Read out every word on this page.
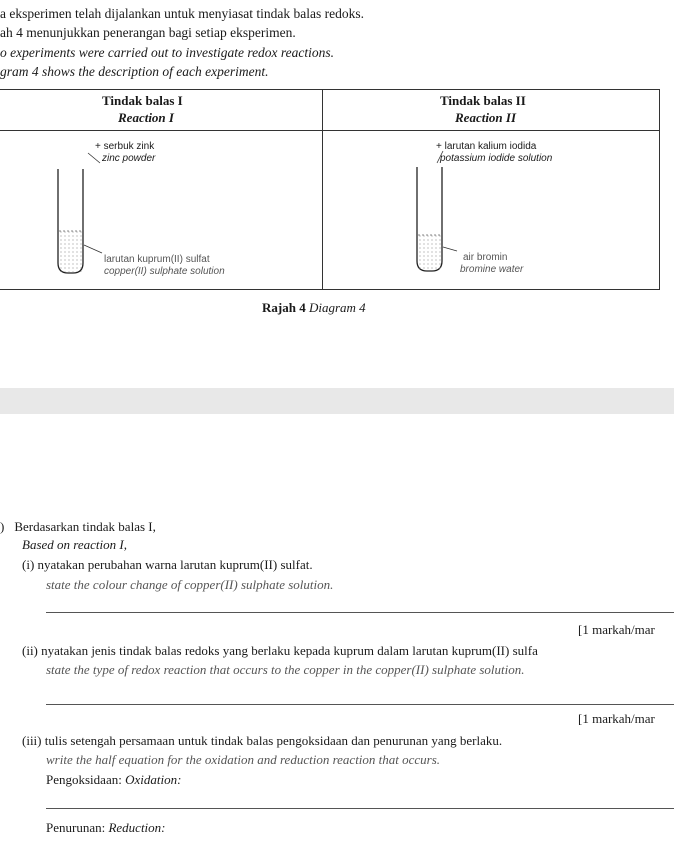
a eksperimen telah dijalankan untuk menyiasat tindak balas redoks.
ah 4 menunjukkan penerangan bagi setiap eksperimen.
o experiments were carried out to investigate redox reactions.
gram 4 shows the description of each experiment.
Tindak balas I
Reaction I
Tindak balas II
Reaction II
+ serbuk zink
zinc powder
larutan kuprum(II) sulfat
copper(II) sulphate solution
+ larutan kalium iodida
potassium iodide solution
air bromin
bromine water
Rajah 4 Diagram 4
) Berdasarkan tindak balas I,
Based on reaction I,
(i) nyatakan perubahan warna larutan kuprum(II) sulfat.
state the colour change of copper(II) sulphate solution.
[1 markah/mar
(ii) nyatakan jenis tindak balas redoks yang berlaku kepada kuprum dalam larutan kuprum(II) sulfa
state the type of redox reaction that occurs to the copper in the copper(II) sulphate solution.
[1 markah/mar
(iii) tulis setengah persamaan untuk tindak balas pengoksidaan dan penurunan yang berlaku.
write the half equation for the oxidation and reduction reaction that occurs.
Pengoksidaan: Oxidation:
Penurunan: Reduction:
